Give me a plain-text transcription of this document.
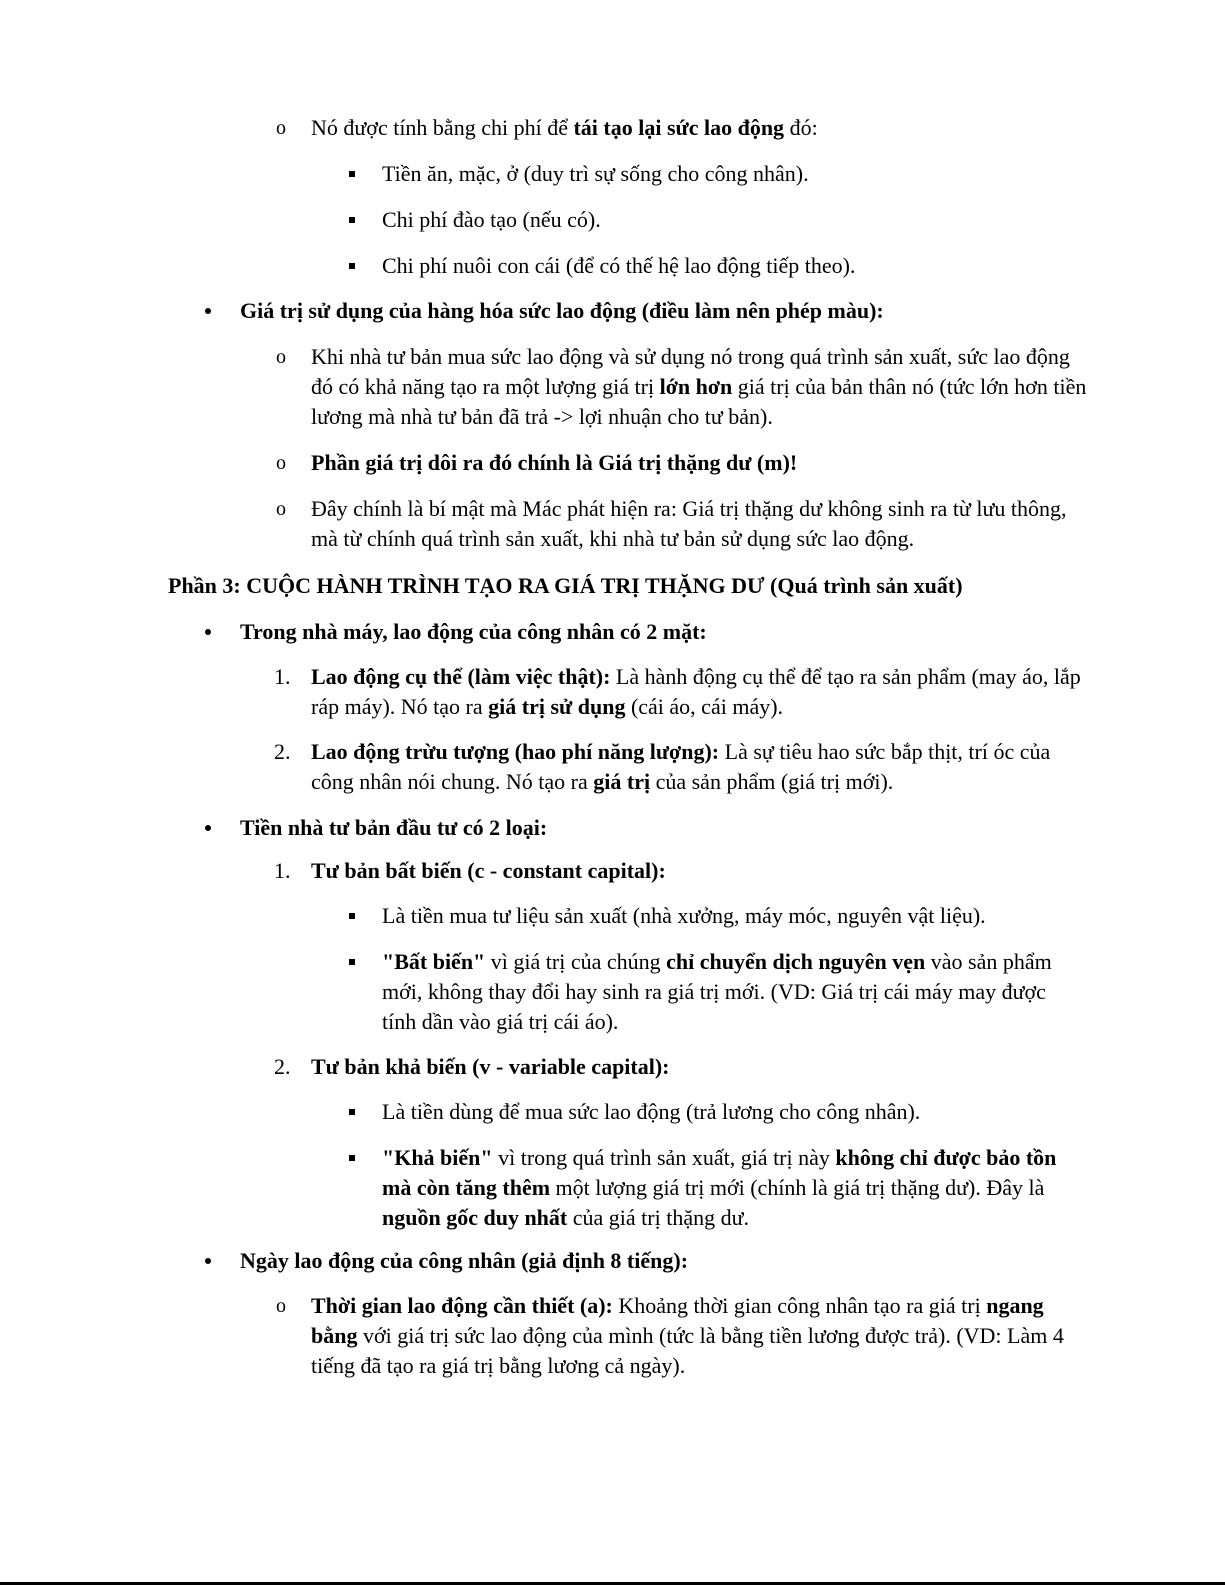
o Nó được tính bằng chi phí để tái tạo lại sức lao động đó:
Tiền ăn, mặc, ở (duy trì sự sống cho công nhân).
Chi phí đào tạo (nếu có).
Chi phí nuôi con cái (để có thế hệ lao động tiếp theo).
Giá trị sử dụng của hàng hóa sức lao động (điều làm nên phép màu):
o Khi nhà tư bản mua sức lao động và sử dụng nó trong quá trình sản xuất, sức lao động đó có khả năng tạo ra một lượng giá trị lớn hơn giá trị của bản thân nó (tức lớn hơn tiền lương mà nhà tư bản đã trả -> lợi nhuận cho tư bản).
o Phần giá trị dôi ra đó chính là Giá trị thặng dư (m)!
o Đây chính là bí mật mà Mác phát hiện ra: Giá trị thặng dư không sinh ra từ lưu thông, mà từ chính quá trình sản xuất, khi nhà tư bản sử dụng sức lao động.
Phần 3: CUỘC HÀNH TRÌNH TẠO RA GIÁ TRỊ THẶNG DƯ (Quá trình sản xuất)
Trong nhà máy, lao động của công nhân có 2 mặt:
1. Lao động cụ thể (làm việc thật): Là hành động cụ thể để tạo ra sản phẩm (may áo, lắp ráp máy). Nó tạo ra giá trị sử dụng (cái áo, cái máy).
2. Lao động trừu tượng (hao phí năng lượng): Là sự tiêu hao sức bắp thịt, trí óc của công nhân nói chung. Nó tạo ra giá trị của sản phẩm (giá trị mới).
Tiền nhà tư bản đầu tư có 2 loại:
1. Tư bản bất biến (c - constant capital):
Là tiền mua tư liệu sản xuất (nhà xưởng, máy móc, nguyên vật liệu).
"Bất biến" vì giá trị của chúng chỉ chuyển dịch nguyên vẹn vào sản phẩm mới, không thay đổi hay sinh ra giá trị mới. (VD: Giá trị cái máy may được tính dần vào giá trị cái áo).
2. Tư bản khả biến (v - variable capital):
Là tiền dùng để mua sức lao động (trả lương cho công nhân).
"Khả biến" vì trong quá trình sản xuất, giá trị này không chỉ được bảo tồn mà còn tăng thêm một lượng giá trị mới (chính là giá trị thặng dư). Đây là nguồn gốc duy nhất của giá trị thặng dư.
Ngày lao động của công nhân (giả định 8 tiếng):
o Thời gian lao động cần thiết (a): Khoảng thời gian công nhân tạo ra giá trị ngang bằng với giá trị sức lao động của mình (tức là bằng tiền lương được trả). (VD: Làm 4 tiếng đã tạo ra giá trị bằng lương cả ngày).
